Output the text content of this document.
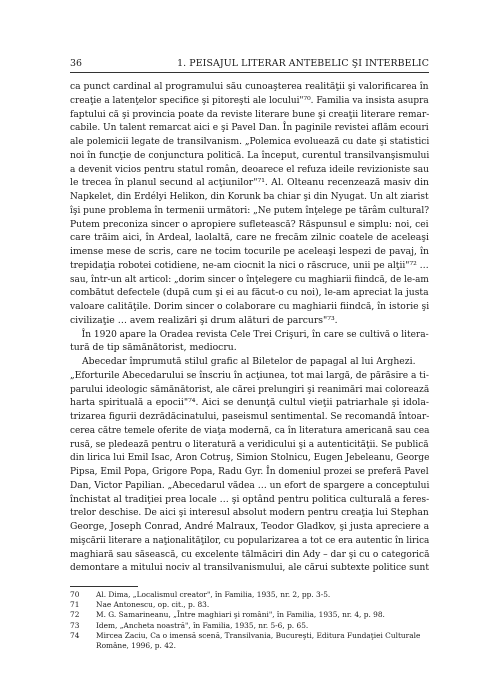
36	1. PEISAJUL LITERAR ANTEBELIC ŞI INTERBELIC
ca punct cardinal al programului său cunoaşterea realităţii şi valorificarea în
creaţie a latenţelor specifice şi pitoreşti ale locului"⁷⁰. Familia va insista asupra
faptului că şi provincia poate da reviste literare bune şi creaţii literare remar-
cabile. Un talent remarcat aici e şi Pavel Dan. În paginile revistei aflăm ecouri
ale polemicii legate de transilvanism. „Polemica evoluează cu date şi statistici
noi în funcţie de conjunctura politică. La început, curentul transilvanşismului
a devenit vicios pentru statul român, deoarece el refuza ideile revizioniste sau
le trecea în planul secund al acţiunilor"⁷¹. Al. Olteanu recenzează masiv din
Napkelet, din Erdélyi Helikon, din Korunk ba chiar şi din Nyugat. Un alt ziarist
îşi pune problema în termenii următori: „Ne putem înţelege pe tărâm cultural?
Putem preconiza sincer o apropiere sufletească? Răspunsul e simplu: noi, cei
care trăim aici, în Ardeal, laolaltă, care ne frecăm zilnic coatele de aceleaşi
imense mese de scris, care ne tocim tocurile pe aceleaşi lespezi de pavaj, în
trepidaţia robotei cotidiene, ne-am ciocnit la nici o răscruce, unii pe alţii"⁷² …
sau, într-un alt articol: „dorim sincer o înţelegere cu maghiarii fiindcă, de le-am
combătut defectele (după cum şi ei au făcut-o cu noi), le-am apreciat la justa
valoare calităţile. Dorim sincer o colaborare cu maghiarii fiindcă, în istorie şi
civilizaţie … avem realizări şi drum alături de parcurs"⁷³.
În 1920 apare la Oradea revista Cele Trei Crişuri, în care se cultivă o litera-
tură de tip sămănătorist, mediocru.
Abecedar împrumută stilul grafic al Biletelor de papagal al lui Arghezi.
„Eforturile Abecedarului se înscriu în acţiunea, tot mai largă, de părăsire a ti-
parului ideologic sămănătorist, ale cărei prelungiri şi reanimări mai colorează
harta spirituală a epocii"⁷⁴. Aici se denunţă cultul vieţii patriarhale şi idola-
trizarea figurii dezrădăcinatului, paseismul sentimental. Se recomandă întoar-
cerea către temele oferite de viaţa modernă, ca în literatura americană sau cea
rusă, se pledează pentru o literatură a veridicului şi a autenticităţii. Se publică
din lirica lui Emil Isac, Aron Cotruş, Simion Stolnicu, Eugen Jebeleanu, George
Pipsa, Emil Popa, Grigore Popa, Radu Gyr. În domeniul prozei se preferă Pavel
Dan, Victor Papilian. „Abecedarul vădea … un efort de spargere a conceptului
închistat al tradiţiei prea locale … şi optând pentru politica culturală a feres-
trelor deschise. De aici şi interesul absolut modern pentru creaţia lui Stephan
George, Joseph Conrad, André Malraux, Teodor Gladkov, şi justa apreciere a
mişcării literare a naţionalităţilor, cu popularizarea a tot ce era autentic în lirica
maghiară sau săsească, cu excelente tălmăciri din Ady – dar şi cu o categorică
demontare a mitului nociv al transilvanismului, ale cărui subtexte politice sunt
70 Al. Dima, „Localismul creator", în Familia, 1935, nr. 2, pp. 3-5.
71 Nae Antonescu, op. cit., p. 83.
72 M. G. Samarineanu, „Între maghiari şi români", în Familia, 1935, nr. 4, p. 98.
73 Idem, „Ancheta noastră", în Familia, 1935, nr. 5-6, p. 65.
74 Mircea Zaciu, Ca o imensă scenă, Transilvania, Bucureşti, Editura Fundaţiei Culturale
Române, 1996, p. 42.
